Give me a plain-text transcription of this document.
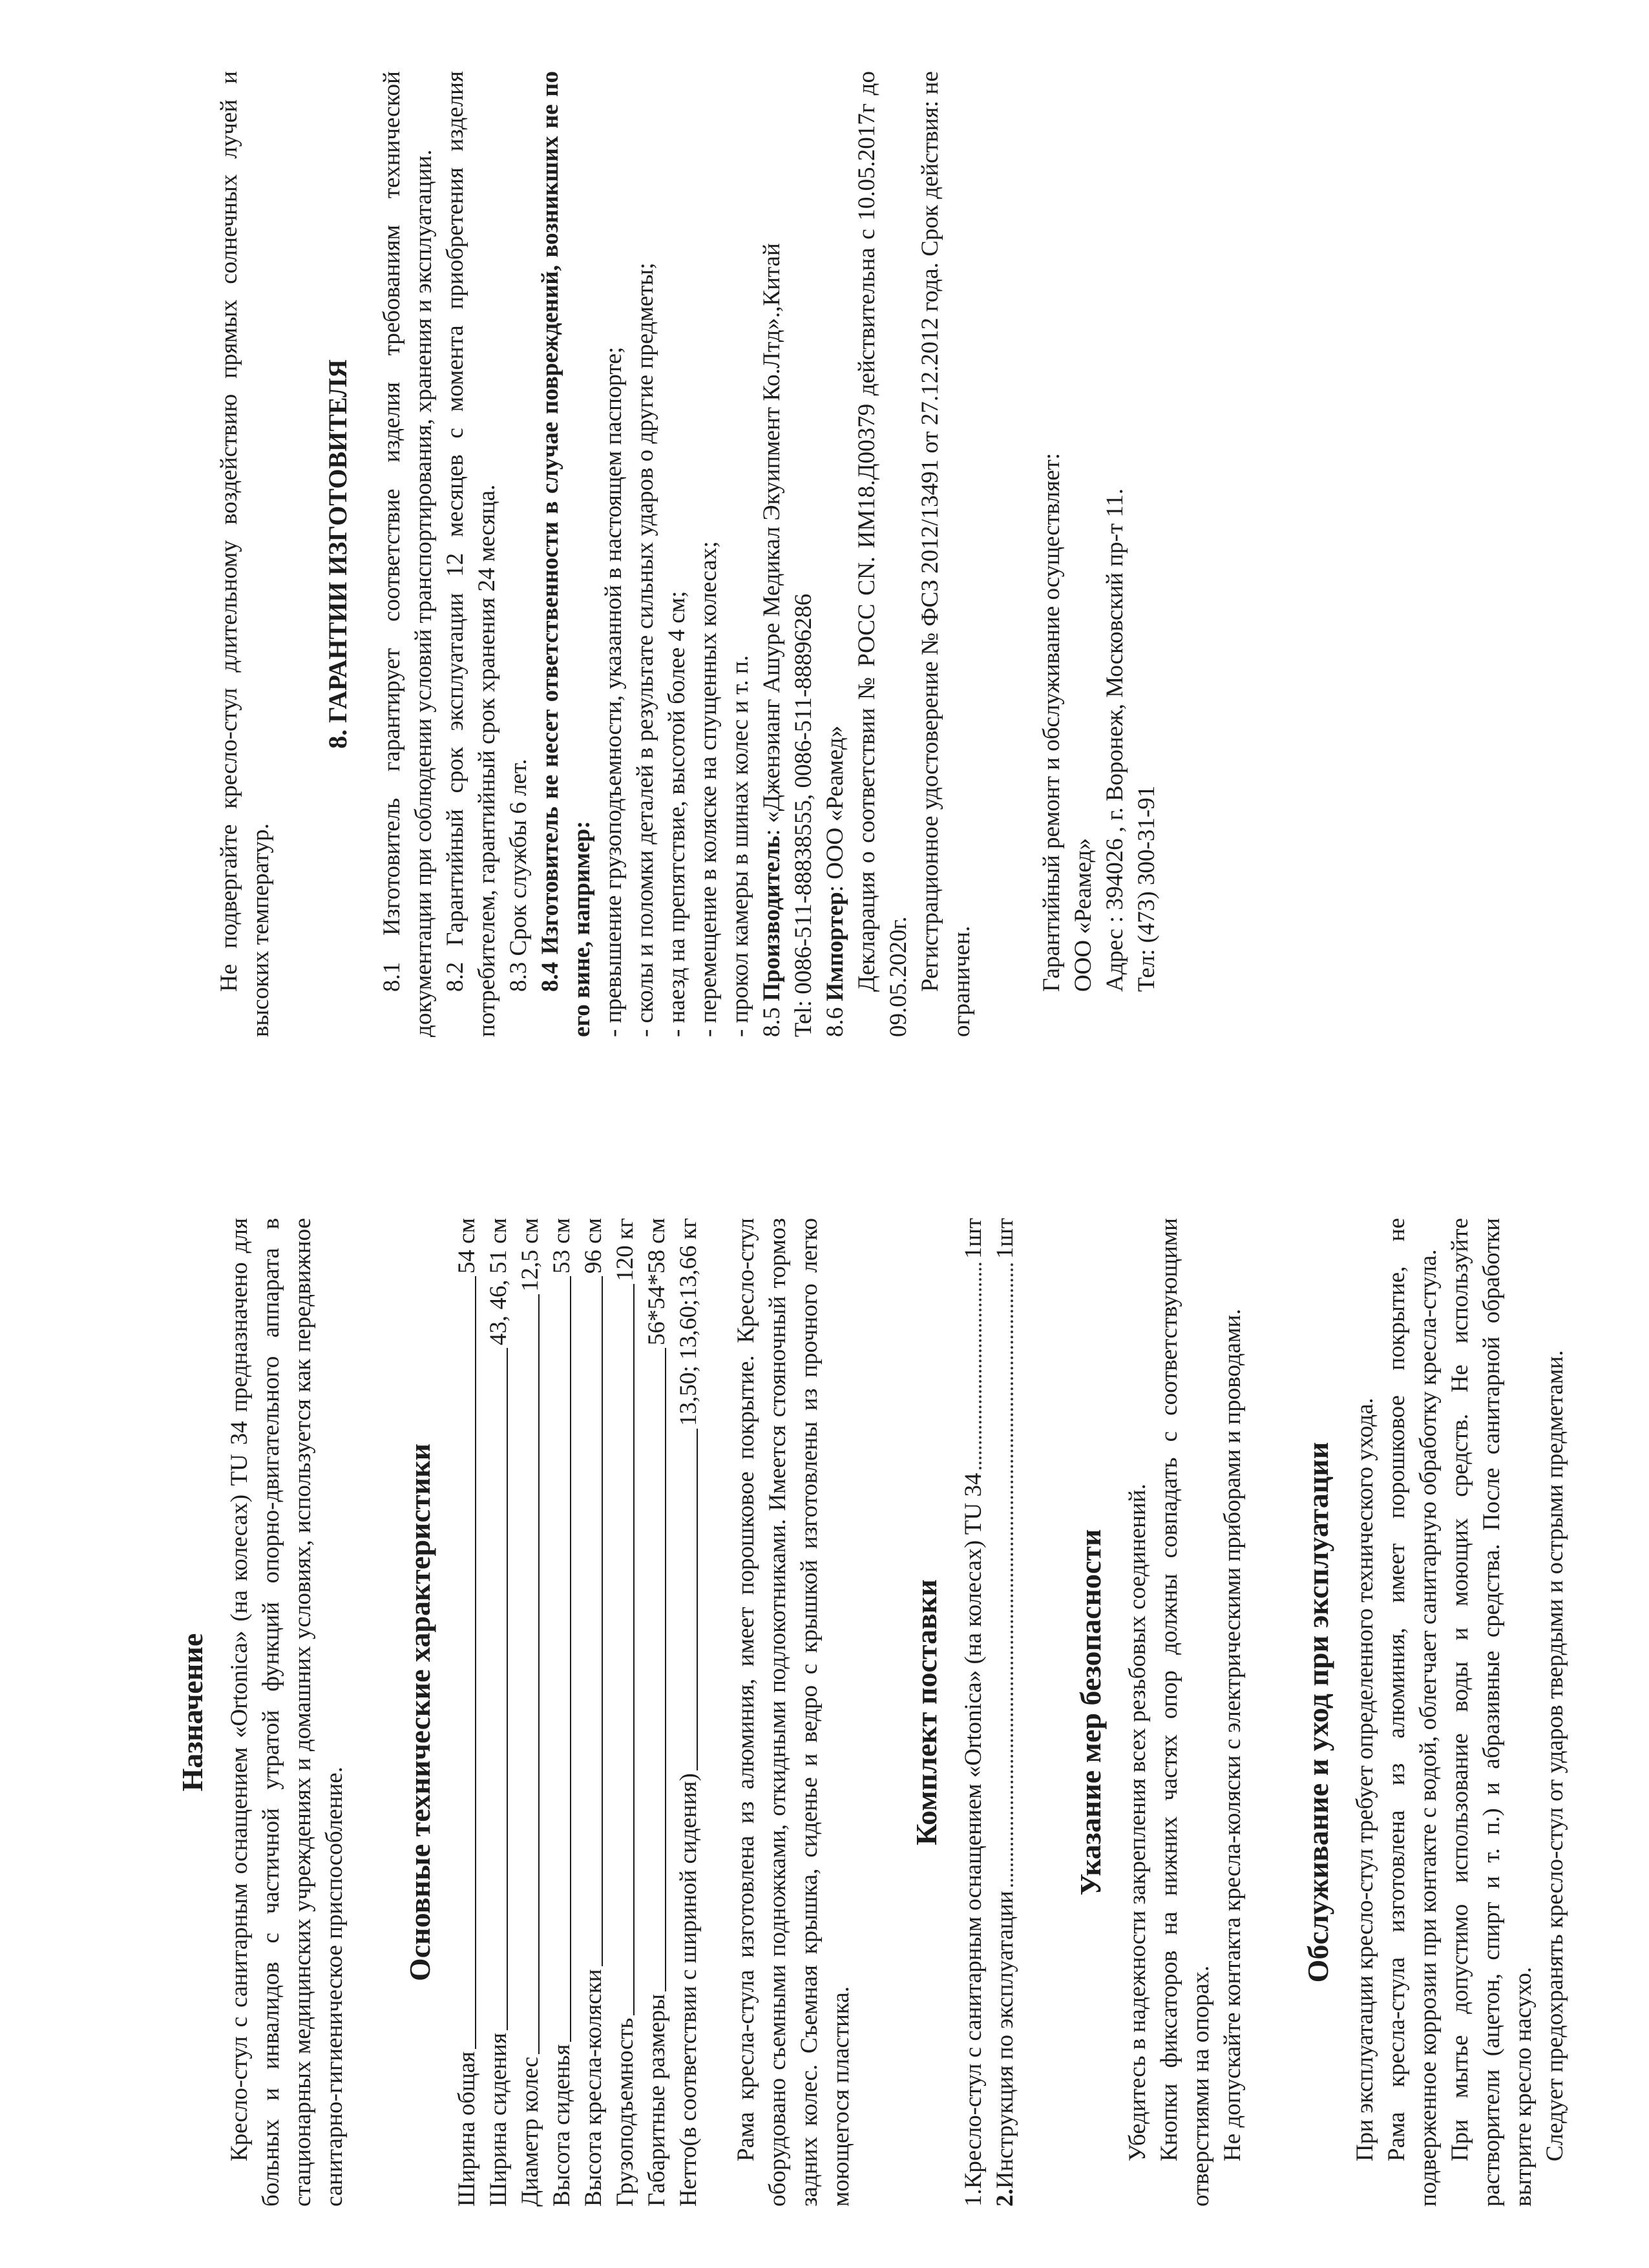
Назначение Кресло-стул с санитарным оснащением «Ortonica» (на колесах) TU 34 предназначено для больных и инвалидов с частичной утратой функций опорно-двигательного аппарата в стационарных медицинских учреждениях и домашних условиях, используется как передвижное санитарно-гигиеническое приспособление.

Основные технические характеристики
Ширина общая
54 см
Ширина сидения
43, 46, 51 см
Диаметр колес
12,5 см
Высота сиденья
53 см
Высота кресла-коляски
96 см
Грузоподъемность
120 кг
Габаритные размеры
56*54*58 см
Нетто(в соответствии с шириной сидения)
13,50; 13,60;13,66 кг Рама кресла-стула изготовлена из алюминия, имеет порошковое покрытие. Кресло-стул оборудовано съемными подножками, откидными подлокотниками. Имеется стояночный тормоз задних колес. Съемная крышка, сиденье и ведро с крышкой изготовлены из прочного легко моющегося пластика.

Комплект поставки
1.
Кресло-стул с санитарным оснащением «Ortonica» (на колесах) TU 34
1шт
2.
Инструкция по эксплуатации
1шт
Указание мер безопасности Убедитесь в надежности закрепления всех резьбовых соединений. Кнопки фиксаторов на нижних частях опор должны совпадать с соответствующими отверстиями на опорах. Не допускайте контакта кресла-коляски с электрическими приборами и проводами. Обслуживание и уход при эксплуатации При эксплуатации кресло-стул требует определенного технического ухода. Рама кресла-стула изготовлена из алюминия, имеет порошковое покрытие, не подверженное коррозии при контакте с водой, облегчает санитарную обработку кресла-стула. При мытье допустимо использование воды и моющих средств. Не используйте растворители (ацетон, спирт и т. п.) и абразивные средства. После санитарной обработки вытрите кресло насухо. Следует предохранять кресло-стул от ударов твердыми и острыми предметами.

Не подвергайте кресло-стул длительному воздействию прямых солнечных лучей и высоких температур.

8. ГАРАНТИИ ИЗГОТОВИТЕЛЯ 8.1 Изготовитель гарантирует соответствие изделия требованиям технической документации при соблюдении условий транспортирования, хранения и эксплуатации. 8.2 Гарантийный срок эксплуатации 12 месяцев с момента приобретения изделия потребителем, гарантийный срок хранения 24 месяца. 8.3 Срок службы 6 лет. 8.4 Изготовитель не несет ответственности в случае повреждений, возникших не по его вине, например: - превышение грузоподъемности, указанной в настоящем паспорте; - сколы и поломки деталей в результате сильных ударов о другие предметы; - наезд на препятствие, высотой более 4 см; - перемещение в коляске на спущенных колесах; - прокол камеры в шинах колес и т. п. 8.5 Производитель: «Дженэианг Ашуре Медикал Экуипмент Ко.Лтд».,Китай Tel: 0086-511-88838555, 0086-511-88896286 8.6 Импортер: ООО «Реамед» Декларация о соответствии № РОСС CN. ИМ18.Д00379 действительна с 10.05.2017г до 09.05.2020г. Регистрационное удостоверение № ФСЗ 2012/13491 от 27.12.2012 года. Срок действия: не ограничен.	Гарантийный ремонт и обслуживание осуществляет: ООО «Реамед» Адрес : 394026 , г. Воронеж, Московский пр-т 11. Тел: (473) 300-31-91
